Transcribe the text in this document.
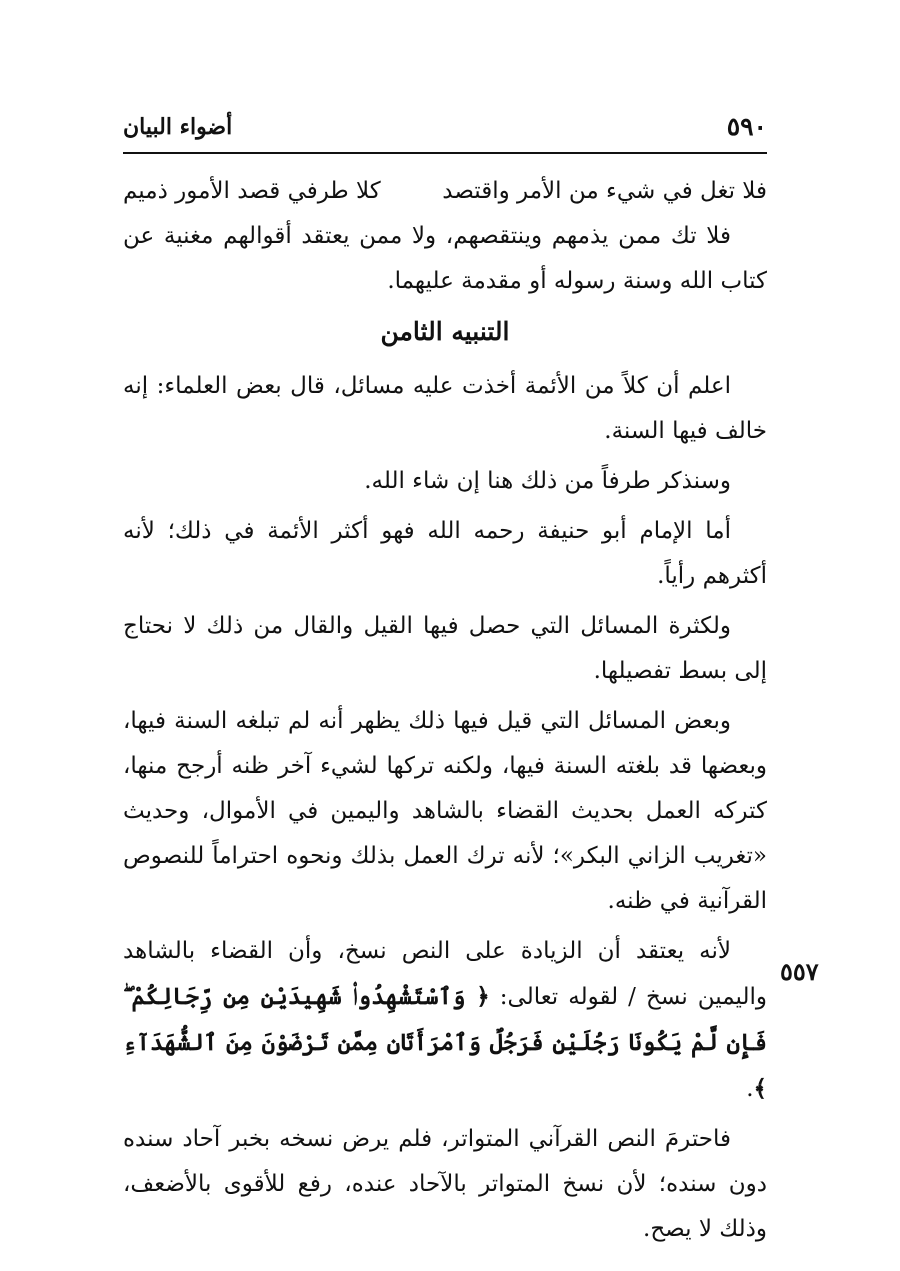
٥٩٠
أضواء البيان
فلا تغل في شيء من الأمر واقتصد
كلا طرفي قصد الأمور ذميم

فلا تك ممن يذمهم وينتقصهم، ولا ممن يعتقد أقوالهم مغنية عن كتاب الله وسنة رسوله أو مقدمة عليهما.

التنبيه الثامن

اعلم أن كلاً من الأئمة أخذت عليه مسائل، قال بعض العلماء: إنه خالف فيها السنة.

وسنذكر طرفاً من ذلك هنا إن شاء الله.

أما الإمام أبو حنيفة رحمه الله فهو أكثر الأئمة في ذلك؛ لأنه أكثرهم رأياً.

ولكثرة المسائل التي حصل فيها القيل والقال من ذلك لا نحتاج إلى بسط تفصيلها.

وبعض المسائل التي قيل فيها ذلك يظهر أنه لم تبلغه السنة فيها، وبعضها قد بلغته السنة فيها، ولكنه تركها لشيء آخر ظنه أرجح منها، كتركه العمل بحديث القضاء بالشاهد واليمين في الأموال، وحديث «تغريب الزاني البكر»؛ لأنه ترك العمل بذلك ونحوه احتراماً للنصوص القرآنية في ظنه.

لأنه يعتقد أن الزيادة على النص نسخ، وأن القضاء بالشاهد واليمين نسخ / لقوله تعالى: ﴿ وَٱسْتَشْهِدُوا۟ شَهِيدَيْنِ مِن رِّجَالِكُمْ ۖ فَإِن لَّمْ يَكُونَا رَجُلَيْنِ فَرَجُلٌ وَٱمْرَأَتَانِ مِمَّن تَرْضَوْنَ مِنَ ٱلشُّهَدَآءِ ﴾.

فاحترمَ النص القرآني المتواتر، فلم يرض نسخه بخبر آحاد سنده دون سنده؛ لأن نسخ المتواتر بالآحاد عنده، رفع للأقوى بالأضعف، وذلك لا يصح.

٥٥٧
